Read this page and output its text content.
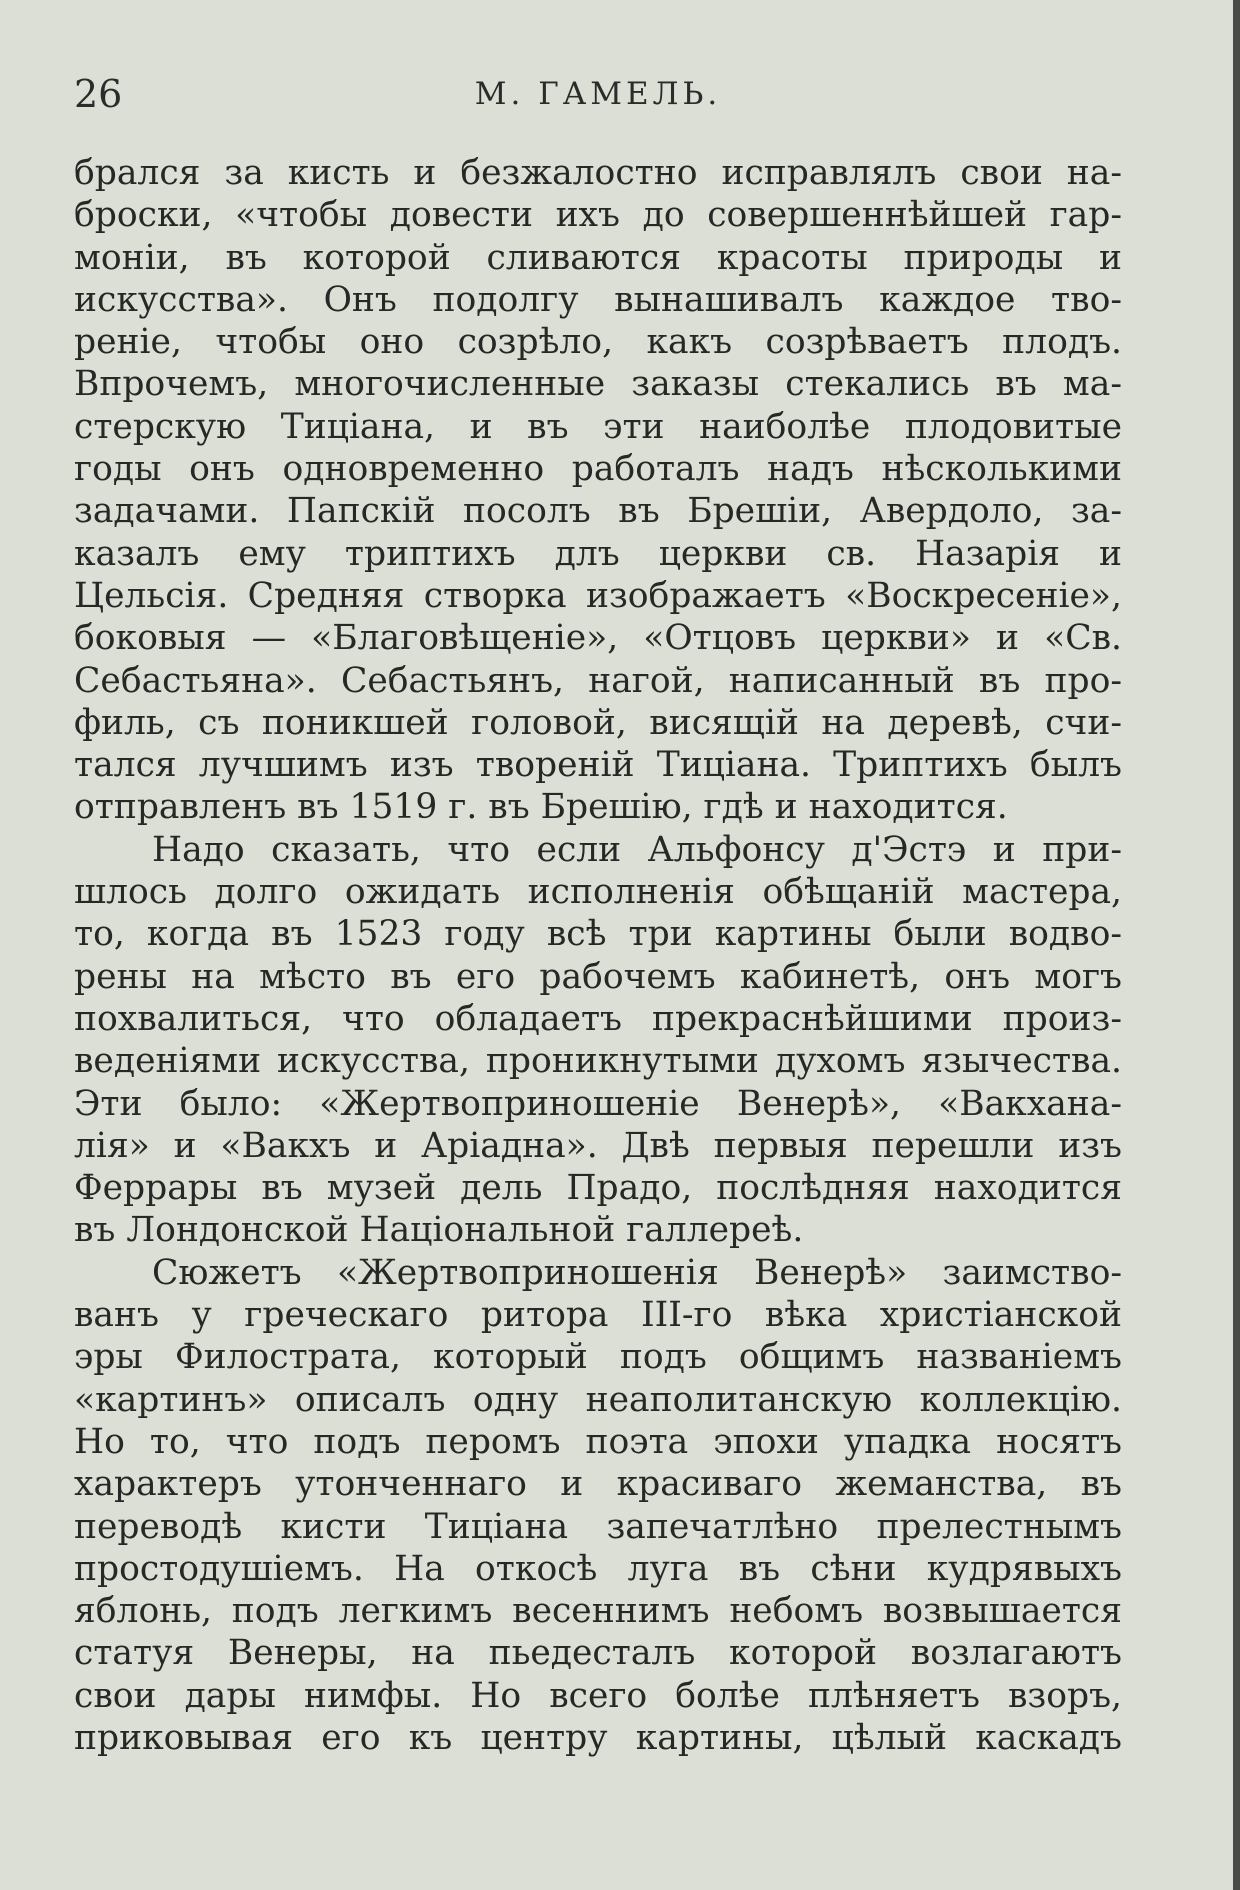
26	М. ГАМЕЛЬ.
брался за кисть и безжалостно исправлялъ свои на-
броски, «чтобы довести ихъ до совершеннѣйшей гар-
моніи, въ которой сливаются красоты природы и
искусства». Онъ подолгу вынашивалъ каждое тво-
реніе, чтобы оно созрѣло, какъ созрѣваетъ плодъ.
Впрочемъ, многочисленные заказы стекались въ ма-
стерскую Тиціана, и въ эти наиболѣе плодовитые
годы онъ одновременно работалъ надъ нѣсколькими
задачами. Папскій посолъ въ Брешіи, Авердоло, за-
казалъ ему триптихъ длъ церкви св. Назарія и
Цельсія. Средняя створка изображаетъ «Воскресеніе»,
боковыя — «Благовѣщеніе», «Отцовъ церкви» и «Св.
Себастьяна». Себастьянъ, нагой, написанный въ про-
филь, съ поникшей головой, висящій на деревѣ, счи-
тался лучшимъ изъ твореній Тиціана. Триптихъ былъ
отправленъ въ 1519 г. въ Брешію, гдѣ и находится.
Надо сказать, что если Альфонсу д'Эстэ и при-
шлось долго ожидать исполненія обѣщаній мастера,
то, когда въ 1523 году всѣ три картины были водво-
рены на мѣсто въ его рабочемъ кабинетѣ, онъ могъ
похвалиться, что обладаетъ прекраснѣйшими произ-
веденіями искусства, проникнутыми духомъ язычества.
Эти было: «Жертвоприношеніе Венерѣ», «Вакхана-
лія» и «Вакхъ и Аріадна». Двѣ первыя перешли изъ
Феррары въ музей дель Прадо, послѣдняя находится
въ Лондонской Національной галлереѣ.
Сюжетъ «Жертвоприношенія Венерѣ» заимство-
ванъ у греческаго ритора III-го вѣка христіанской
эры Филострата, который подъ общимъ названіемъ
«картинъ» описалъ одну неаполитанскую коллекцію.
Но то, что подъ перомъ поэта эпохи упадка носятъ
характеръ утонченнаго и красиваго жеманства, въ
переводѣ кисти Тиціана запечатлѣно прелестнымъ
простодушіемъ. На откосѣ луга въ сѣни кудрявыхъ
яблонь, подъ легкимъ весеннимъ небомъ возвышается
статуя Венеры, на пьедесталъ которой возлагаютъ
свои дары нимфы. Но всего болѣе плѣняетъ взоръ,
приковывая его къ центру картины, цѣлый каскадъ
